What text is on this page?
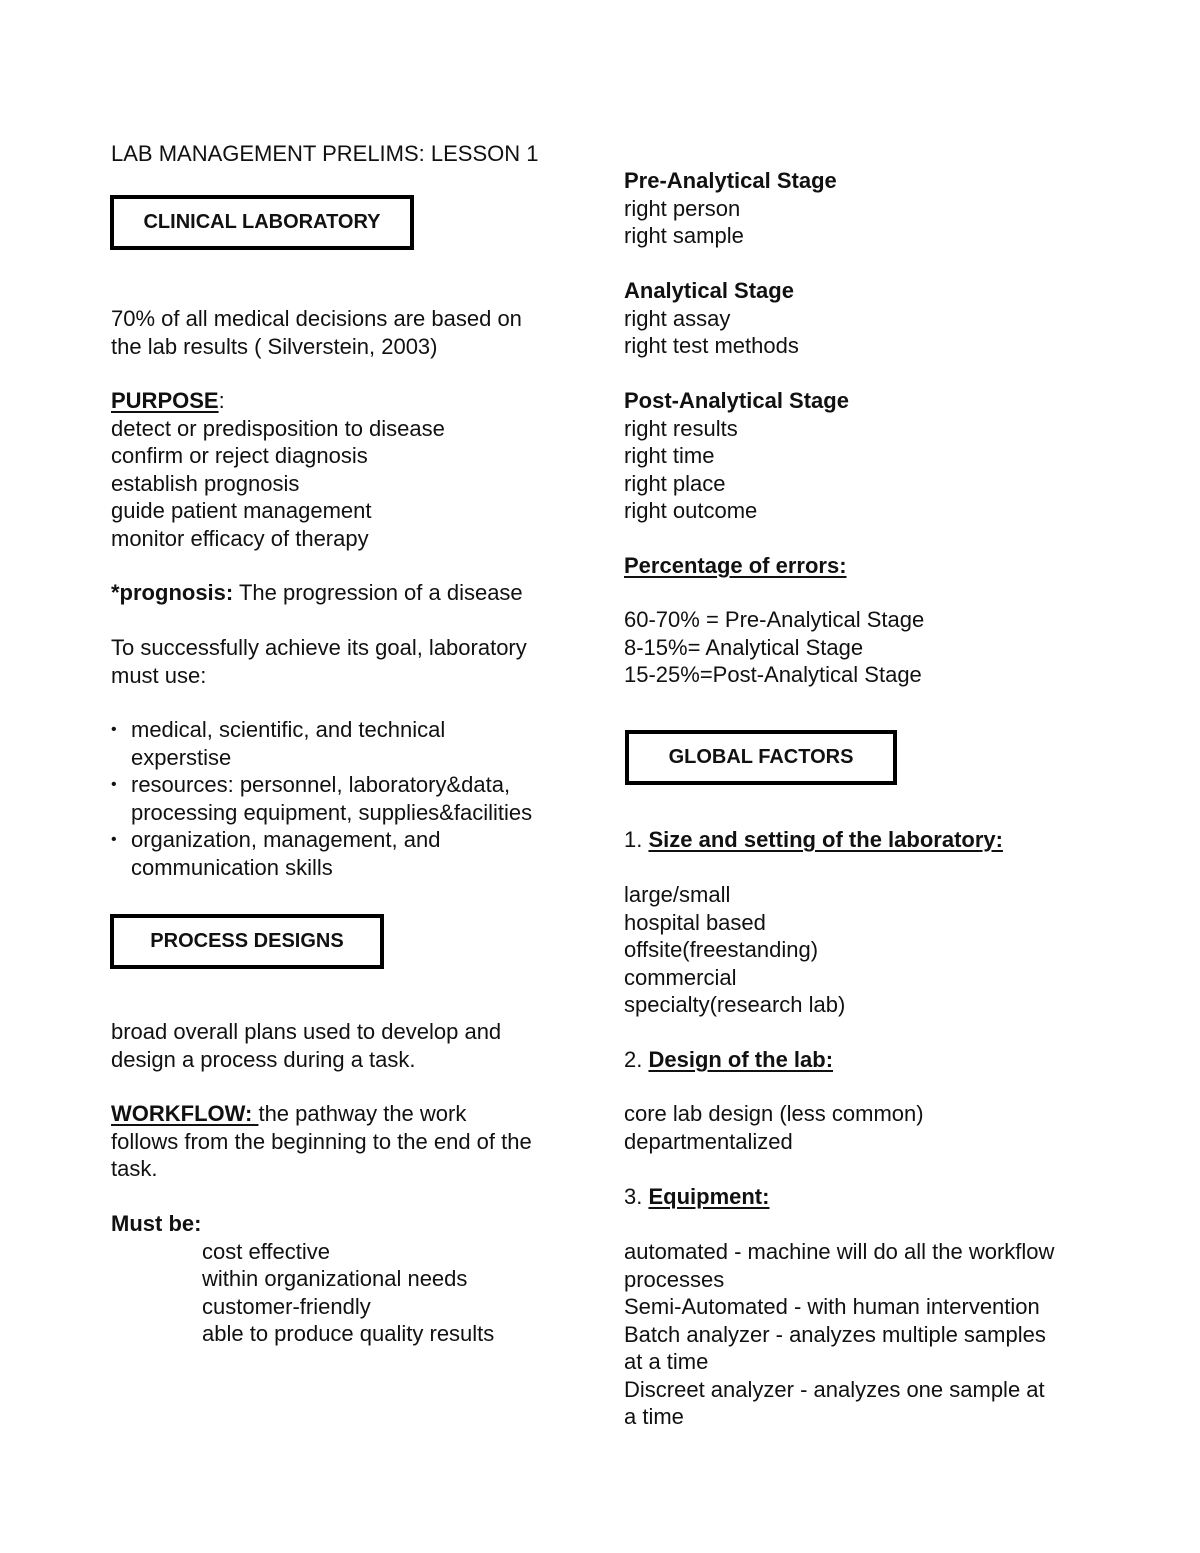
LAB MANAGEMENT PRELIMS: LESSON 1
CLINICAL LABORATORY
70% of all medical decisions are based on
the lab results ( Silverstein, 2003)
PURPOSE:
detect or predisposition to disease
confirm or reject diagnosis
establish prognosis
guide patient management
monitor efficacy of therapy
*prognosis: The progression of a disease
To successfully achieve its goal, laboratory
must use:
• medical, scientific, and technical
experstise
• resources: personnel, laboratory&data,
processing equipment, supplies&facilities
• organization, management, and
communication skills
PROCESS DESIGNS
broad overall plans used to develop and
design a process during a task.
WORKFLOW: the pathway the work
follows from the beginning to the end of the
task.
Must be:
cost effective
within organizational needs
customer-friendly
able to produce quality results
Pre-Analytical Stage
right person
right sample
Analytical Stage
right assay
right test methods
Post-Analytical Stage
right results
right time
right place
right outcome
Percentage of errors:
60-70% = Pre-Analytical Stage
8-15%= Analytical Stage
15-25%=Post-Analytical Stage
GLOBAL FACTORS
1. Size and setting of the laboratory:
large/small
hospital based
offsite(freestanding)
commercial
specialty(research lab)
2. Design of the lab:
core lab design (less common)
departmentalized
3. Equipment:
automated - machine will do all the workflow
processes
Semi-Automated - with human intervention
Batch analyzer - analyzes multiple samples
at a time
Discreet analyzer - analyzes one sample at
a time
